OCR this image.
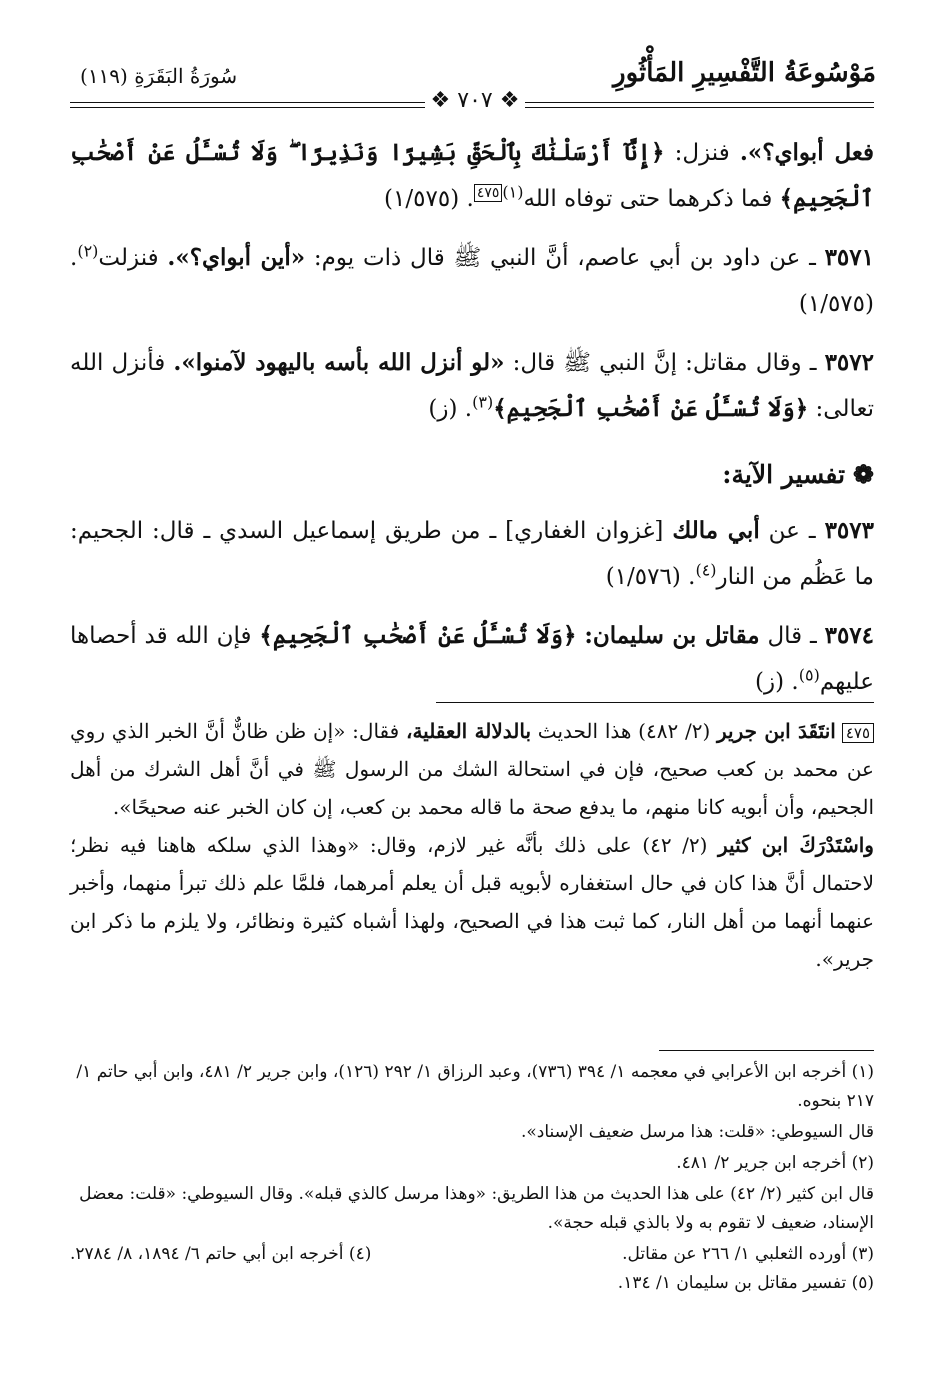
مَوْسُوعَةُ التَّفْسِيرِ المَأْثُورِ
سُورَةُ البَقَرَةِ (١١٩)
❖ ٧٠٧ ❖

فعل أبواي؟». فنزل: ﴿إِنَّآ أَرْسَلْنَٰكَ بِٱلْحَقِّ بَشِيرًا وَنَذِيرًا ۖ وَلَا تُسْـَٔلُ عَنْ أَصْحَٰبِ ٱلْجَحِيمِ﴾ فما ذكرهما حتى توفاه الله$^{(١)}$٤٧٥. (١/٥٧٥)

٣٥٧١ ـ عن داود بن أبي عاصم، أنَّ النبي ﷺ قال ذات يوم: «أين أبواي؟». فنزلت$^{(٢)}$. (١/٥٧٥)

٣٥٧٢ ـ وقال مقاتل: إنَّ النبي ﷺ قال: «لو أنزل الله بأسه باليهود لآمنوا». فأنزل الله تعالى: ﴿وَلَا تُسْـَٔلُ عَنْ أَصْحَٰبِ ٱلْجَحِيمِ﴾$^{(٣)}$. (ز)

❁تفسير الآية:

٣٥٧٣ ـ عن أبي مالك [غزوان الغفاري] ـ من طريق إسماعيل السدي ـ قال: الجحيم: ما عَظُم من النار$^{(٤)}$. (١/٥٧٦)

٣٥٧٤ ـ قال مقاتل بن سليمان: ﴿وَلَا تُسْـَٔلُ عَنْ أَصْحَٰبِ ٱلْجَحِيمِ﴾ فإن الله قد أحصاها عليهم$^{(٥)}$. (ز)

٤٧٥انتَقَدَ ابن جرير (٢/ ٤٨٢) هذا الحديث بالدلالة العقلية، فقال: «إن ظن ظانٌّ أنَّ الخبر الذي روي عن محمد بن كعب صحيح، فإن في استحالة الشك من الرسول ﷺ في أنَّ أهل الشرك من أهل الجحيم، وأن أبويه كانا منهم، ما يدفع صحة ما قاله محمد بن كعب، إن كان الخبر عنه صحيحًا».

واسْتَدْرَكَ ابن كثير (٢/ ٤٢) على ذلك بأنَّه غير لازم، وقال: «وهذا الذي سلكه هاهنا فيه نظر؛ لاحتمال أنَّ هذا كان في حال استغفاره لأبويه قبل أن يعلم أمرهما، فلمَّا علم ذلك تبرأ منهما، وأخبر عنهما أنهما من أهل النار، كما ثبت هذا في الصحيح، ولهذا أشباه كثيرة ونظائر، ولا يلزم ما ذكر ابن جرير».

(١) أخرجه ابن الأعرابي في معجمه ١/ ٣٩٤ (٧٣٦)، وعبد الرزاق ١/ ٢٩٢ (١٢٦)، وابن جرير ٢/ ٤٨١، وابن أبي حاتم ١/ ٢١٧ بنحوه.

قال السيوطي: «قلت: هذا مرسل ضعيف الإسناد».

(٢) أخرجه ابن جرير ٢/ ٤٨١.

قال ابن كثير (٢/ ٤٢) على هذا الحديث من هذا الطريق: «وهذا مرسل كالذي قبله». وقال السيوطي: «قلت: معضل الإسناد، ضعيف لا تقوم به ولا بالذي قبله حجة».

(٣) أورده الثعلبي ١/ ٢٦٦ عن مقاتل.
(٤) أخرجه ابن أبي حاتم ٦/ ١٨٩٤، ٨/ ٢٧٨٤.

(٥) تفسير مقاتل بن سليمان ١/ ١٣٤.
